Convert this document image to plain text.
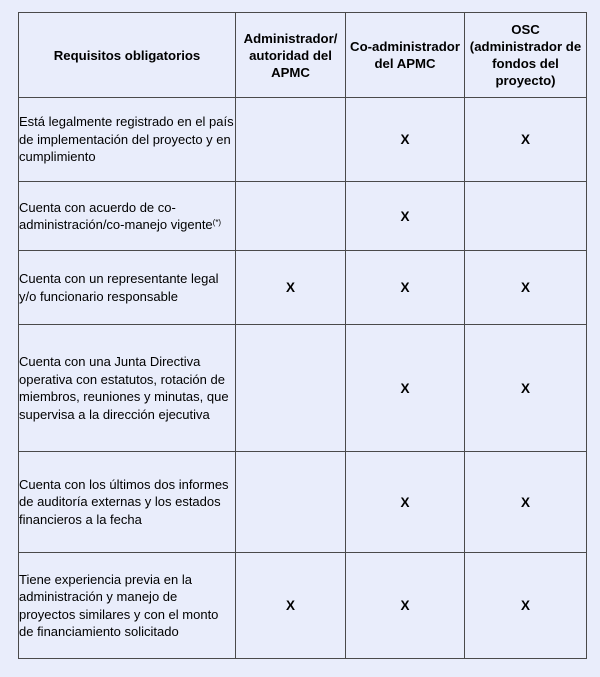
Requisitos obligatorios	Administrador/ autoridad del APMC	Co-administrador del APMC	OSC (administrador de fondos del proyecto)
Está legalmente registrado en el país de implementación del proyecto y en cumplimiento		X	X
Cuenta con acuerdo de co-administración/co-manejo vigente(*)		X	
Cuenta con un representante legal y/o funcionario responsable	X	X	X
Cuenta con una Junta Directiva operativa con estatutos, rotación de miembros, reuniones y minutas, que supervisa a la dirección ejecutiva		X	X
Cuenta con los últimos dos informes de auditoría externas y los estados financieros a la fecha		X	X
Tiene experiencia previa en la administración y manejo de proyectos similares y con el monto de financiamiento solicitado	X	X	X
